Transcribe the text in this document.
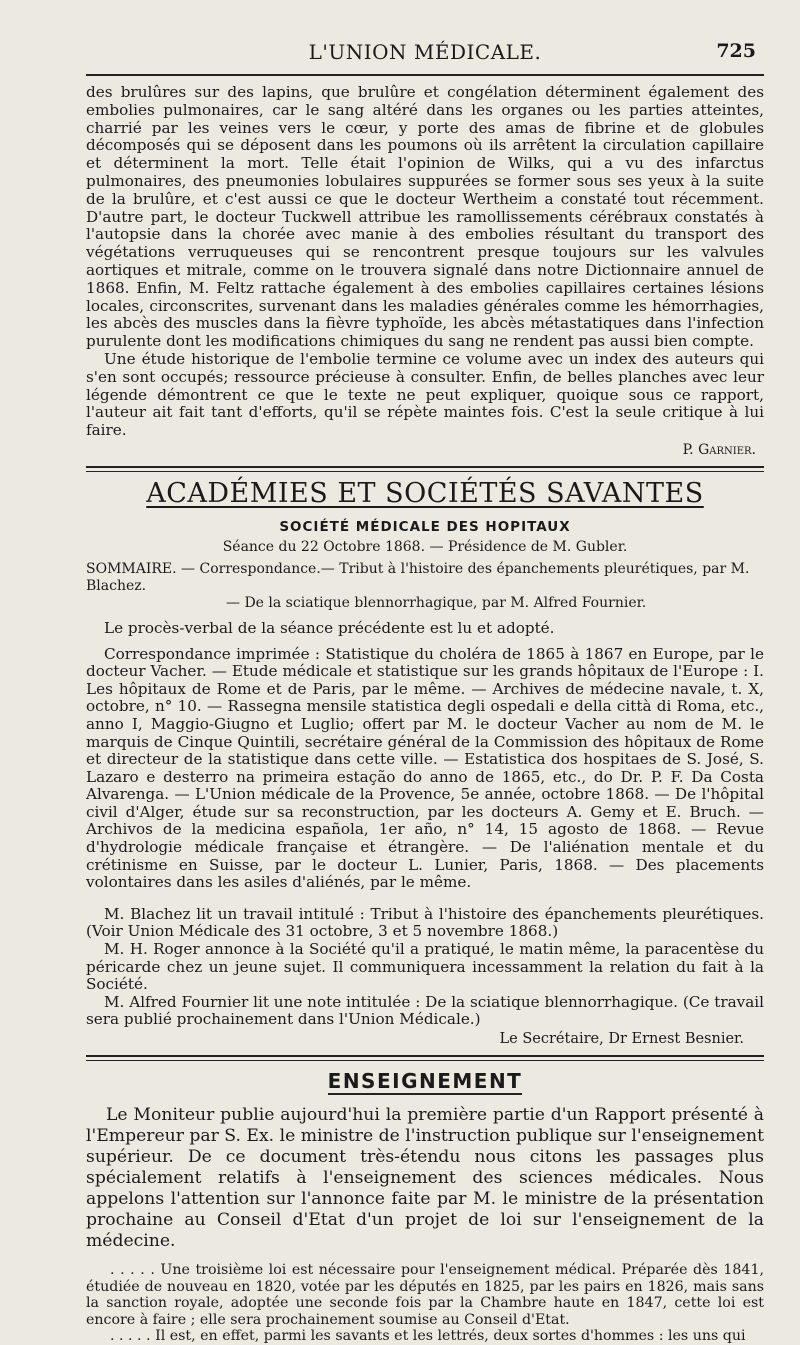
L'UNION MÉDICALE.	725

des brulûres sur des lapins, que brulûre et congélation déterminent également des embolies pulmonaires, car le sang altéré dans les organes ou les parties atteintes, charrié par les veines vers le cœur, y porte des amas de fibrine et de globules décomposés qui se déposent dans les poumons où ils arrêtent la circulation capillaire et déterminent la mort. Telle était l'opinion de Wilks, qui a vu des infarctus pulmonaires, des pneumonies lobulaires suppurées se former sous ses yeux à la suite de la brulûre, et c'est aussi ce que le docteur Wertheim a constaté tout récemment. D'autre part, le docteur Tuckwell attribue les ramollissements cérébraux constatés à l'autopsie dans la chorée avec manie à des embolies résultant du transport des végétations verruqueuses qui se rencontrent presque toujours sur les valvules aortiques et mitrale, comme on le trouvera signalé dans notre Dictionnaire annuel de 1868. Enfin, M. Feltz rattache également à des embolies capillaires certaines lésions locales, circonscrites, survenant dans les maladies générales comme les hémorrhagies, les abcès des muscles dans la fièvre typhoïde, les abcès métastatiques dans l'infection purulente dont les modifications chimiques du sang ne rendent pas aussi bien compte.

Une étude historique de l'embolie termine ce volume avec un index des auteurs qui s'en sont occupés; ressource précieuse à consulter. Enfin, de belles planches avec leur légende démontrent ce que le texte ne peut expliquer, quoique sous ce rapport, l'auteur ait fait tant d'efforts, qu'il se répète maintes fois. C'est la seule critique à lui faire.

P. Garnier.
ACADÉMIES ET SOCIÉTÉS SAVANTES
SOCIÉTÉ MÉDICALE DES HOPITAUX
Séance du 22 Octobre 1868. — Présidence de M. Gubler.
SOMMAIRE. — Correspondance.— Tribut à l'histoire des épanchements pleurétiques, par M. Blachez.
— De la sciatique blennorrhagique, par M. Alfred Fournier.

Le procès-verbal de la séance précédente est lu et adopté.

Correspondance imprimée : Statistique du choléra de 1865 à 1867 en Europe, par le docteur Vacher. — Etude médicale et statistique sur les grands hôpitaux de l'Europe : I. Les hôpitaux de Rome et de Paris, par le même. — Archives de médecine navale, t. X, octobre, n° 10. — Rassegna mensile statistica degli ospedali e della città di Roma, etc., anno I, Maggio-Giugno et Luglio; offert par M. le docteur Vacher au nom de M. le marquis de Cinque Quintili, secrétaire général de la Commission des hôpitaux de Rome et directeur de la statistique dans cette ville. — Estatistica dos hospitaes de S. José, S. Lazaro e desterro na primeira estação do anno de 1865, etc., do Dr. P. F. Da Costa Alvarenga. — L'Union médicale de la Provence, 5e année, octobre 1868. — De l'hôpital civil d'Alger, étude sur sa reconstruction, par les docteurs A. Gemy et E. Bruch. — Archivos de la medicina española, 1er año, n° 14, 15 agosto de 1868. — Revue d'hydrologie médicale française et étrangère. — De l'aliénation mentale et du crétinisme en Suisse, par le docteur L. Lunier, Paris, 1868. — Des placements volontaires dans les asiles d'aliénés, par le même.

M. Blachez lit un travail intitulé : Tribut à l'histoire des épanchements pleurétiques. (Voir Union Médicale des 31 octobre, 3 et 5 novembre 1868.)

M. H. Roger annonce à la Société qu'il a pratiqué, le matin même, la paracentèse du péricarde chez un jeune sujet. Il communiquera incessamment la relation du fait à la Société.

M. Alfred Fournier lit une note intitulée : De la sciatique blennorrhagique. (Ce travail sera publié prochainement dans l'Union Médicale.)

Le Secrétaire, Dr Ernest Besnier.
ENSEIGNEMENT

Le Moniteur publie aujourd'hui la première partie d'un Rapport présenté à l'Empereur par S. Ex. le ministre de l'instruction publique sur l'enseignement supérieur. De ce document très-étendu nous citons les passages plus spécialement relatifs à l'enseignement des sciences médicales. Nous appelons l'attention sur l'annonce faite par M. le ministre de la présentation prochaine au Conseil d'Etat d'un projet de loi sur l'enseignement de la médecine.

. . . . . Une troisième loi est nécessaire pour l'enseignement médical. Préparée dès 1841, étudiée de nouveau en 1820, votée par les députés en 1825, par les pairs en 1826, mais sans la sanction royale, adoptée une seconde fois par la Chambre haute en 1847, cette loi est encore à faire ; elle sera prochainement soumise au Conseil d'Etat.

. . . . . Il est, en effet, parmi les savants et les lettrés, deux sortes d'hommes : les uns qui
